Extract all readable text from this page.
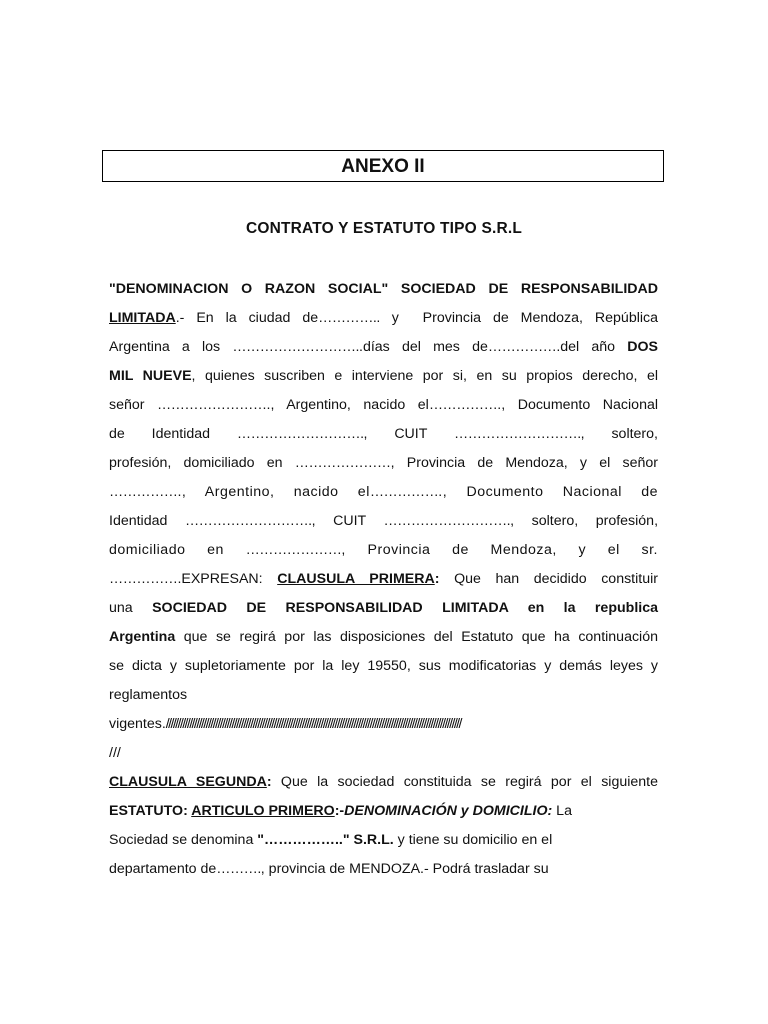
ANEXO II
CONTRATO Y ESTATUTO TIPO S.R.L
"DENOMINACION O RAZON SOCIAL" SOCIEDAD DE RESPONSABILIDAD
LIMITADA.- En la ciudad de………….. y  Provincia de Mendoza, República
Argentina a los ………………………..días del mes de…………….del año DOS
MIL NUEVE, quienes suscriben e interviene por si, en su propios derecho, el
señor ……………………., Argentino, nacido el……………., Documento Nacional
de Identidad ………………………., CUIT ………………………., soltero,
profesión, domiciliado en …………………, Provincia de Mendoza, y el señor
……………., Argentino, nacido el……………., Documento Nacional de
Identidad ………………………., CUIT ………………………., soltero, profesión,
domiciliado en …………………, Provincia de Mendoza, y el sr.
…………….EXPRESAN: CLAUSULA PRIMERA: Que han decidido constituir
una SOCIEDAD DE RESPONSABILIDAD LIMITADA en la republica
Argentina que se regirá por las disposiciones del Estatuto que ha continuación
se dicta y supletoriamente por la ley 19550, sus modificatorias y demás leyes y
reglamentos
vigentes.//////////////////////////////////////////////////////////////////////////////////////////////////////////////////////////////
///
CLAUSULA SEGUNDA: Que la sociedad constituida se regirá por el siguiente
ESTATUTO: ARTICULO PRIMERO:-DENOMINACIÓN y DOMICILIO: La
Sociedad se denomina "…………….." S.R.L. y tiene su domicilio en el
departamento de………., provincia de MENDOZA.- Podrá trasladar su
